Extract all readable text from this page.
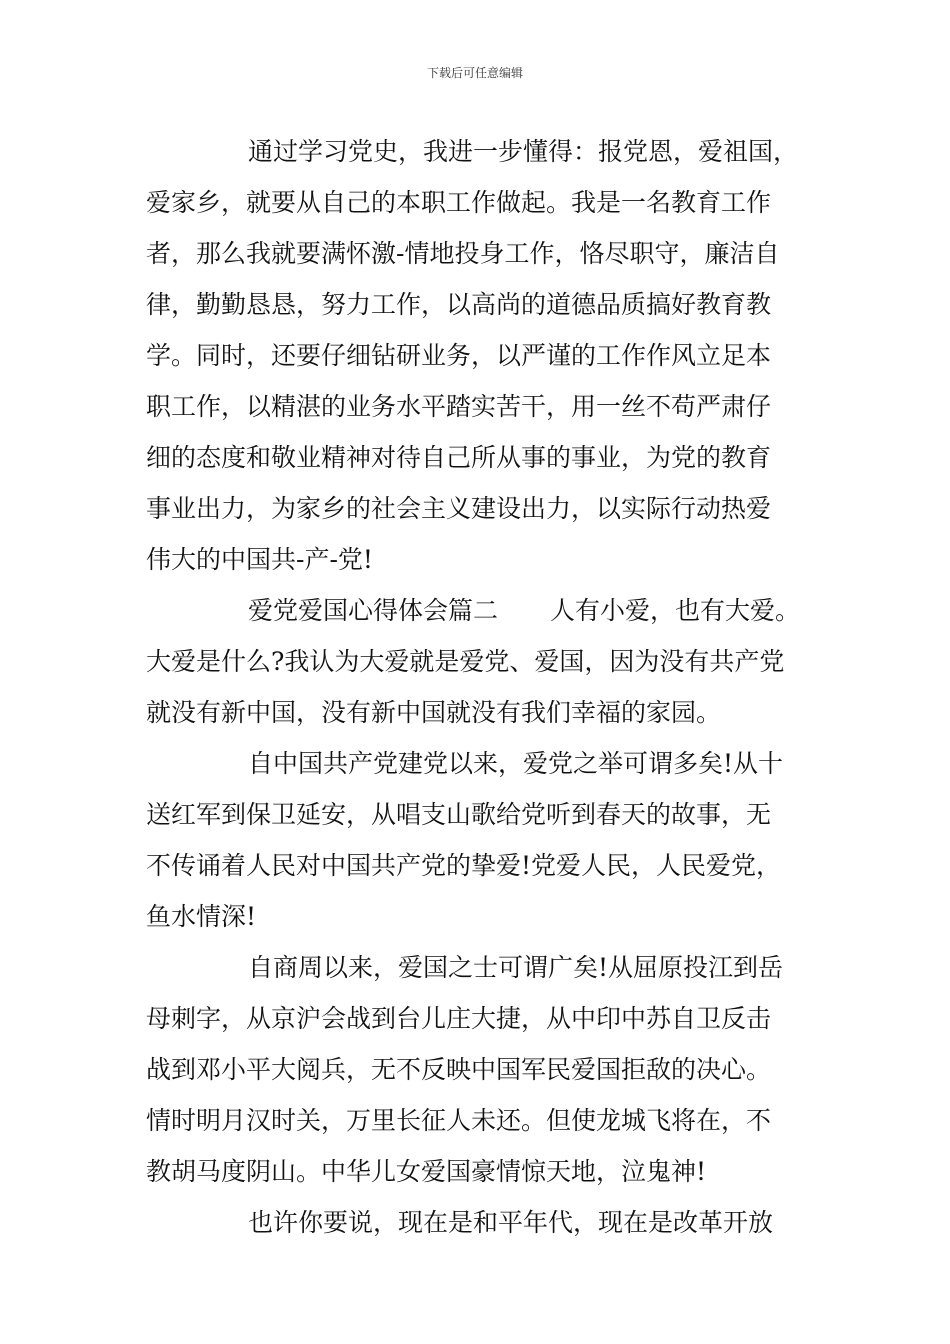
下载后可任意编辑
通过学习党史，我进一步懂得：报党恩，爱祖国，
爱家乡，就要从自己的本职工作做起。我是一名教育工作
者，那么我就要满怀激-情地投身工作，恪尽职守，廉洁自
律，勤勤恳恳，努力工作，以高尚的道德品质搞好教育教
学。同时，还要仔细钻研业务，以严谨的工作作风立足本
职工作，以精湛的业务水平踏实苦干，用一丝不苟严肃仔
细的态度和敬业精神对待自己所从事的事业，为党的教育
事业出力，为家乡的社会主义建设出力，以实际行动热爱
伟大的中国共-产-党!
爱党爱国心得体会篇二 人有小爱，也有大爱。
大爱是什么?我认为大爱就是爱党、爱国，因为没有共产党
就没有新中国，没有新中国就没有我们幸福的家园。
自中国共产党建党以来，爱党之举可谓多矣!从十
送红军到保卫延安，从唱支山歌给党听到春天的故事，无
不传诵着人民对中国共产党的挚爱!党爱人民，人民爱党，
鱼水情深!
自商周以来，爱国之士可谓广矣!从屈原投江到岳
母刺字，从京沪会战到台儿庄大捷，从中印中苏自卫反击
战到邓小平大阅兵，无不反映中国军民爱国拒敌的决心。
情时明月汉时关，万里长征人未还。但使龙城飞将在，不
教胡马度阴山。中华儿女爱国豪情惊天地，泣鬼神!
也许你要说，现在是和平年代，现在是改革开放
